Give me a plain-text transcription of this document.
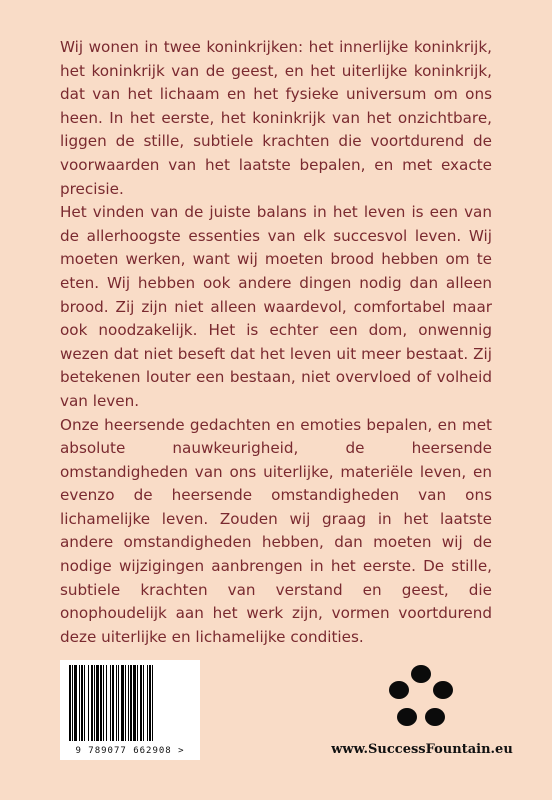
Wij wonen in twee koninkrijken: het innerlijke koninkrijk, het koninkrijk van de geest, en het uiterlijke koninkrijk, dat van het lichaam en het fysieke universum om ons heen. In het eerste, het koninkrijk van het onzichtbare, liggen de stille, subtiele krachten die voortdurend de voorwaarden van het laatste bepalen, en met exacte precisie.

Het vinden van de juiste balans in het leven is een van de allerhoogste essenties van elk succesvol leven. Wij moeten werken, want wij moeten brood hebben om te eten. Wij hebben ook andere dingen nodig dan alleen brood. Zij zijn niet alleen waardevol, comfortabel maar ook noodzakelijk. Het is echter een dom, onwennig wezen dat niet beseft dat het leven uit meer bestaat. Zij betekenen louter een bestaan, niet overvloed of volheid van leven.

Onze heersende gedachten en emoties bepalen, en met absolute nauwkeurigheid, de heersende omstandigheden van ons uiterlijke, materiële leven, en evenzo de heersende omstandigheden van ons lichamelijke leven. Zouden wij graag in het laatste andere omstandigheden hebben, dan moeten wij de nodige wijzigingen aanbrengen in het eerste. De stille, subtiele krachten van verstand en geest, die onophoudelijk aan het werk zijn, vormen voortdurend deze uiterlijke en lichamelijke condities.

9 789077 662908 >	www.SuccessFountain.eu
